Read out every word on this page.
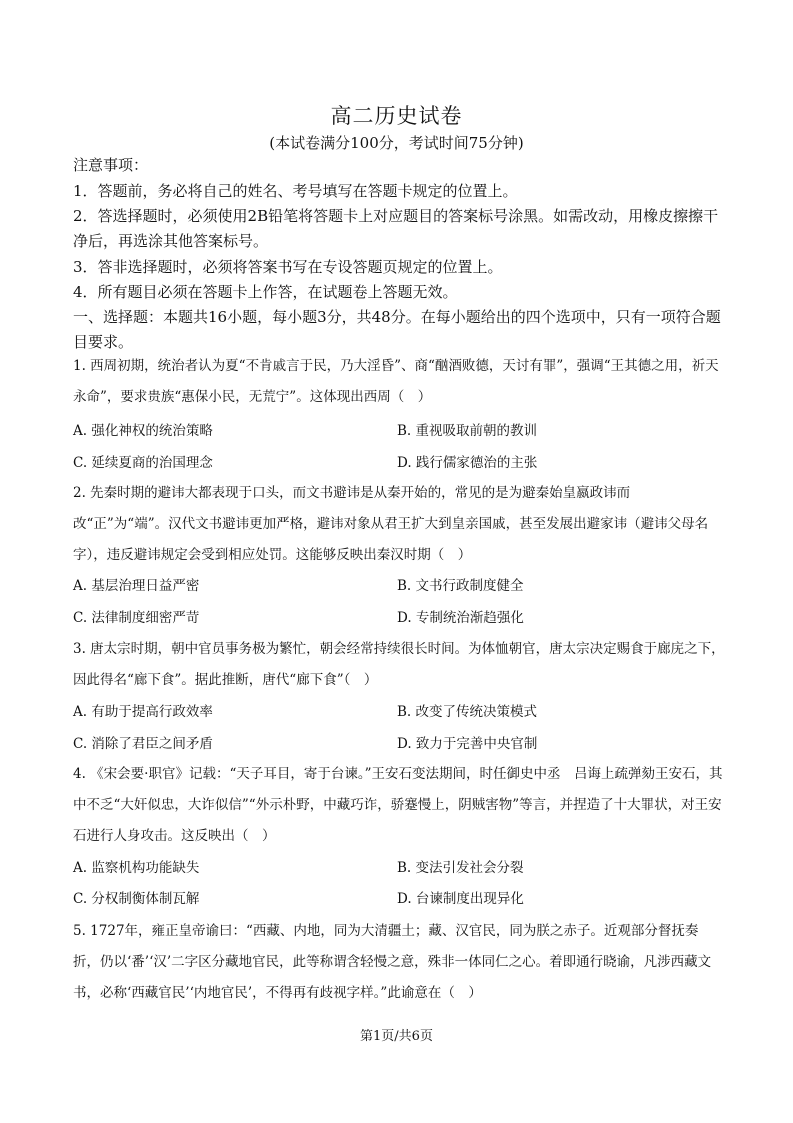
高二历史试卷
(本试卷满分100分，考试时间75分钟)
注意事项：
1．答题前，务必将自己的姓名、考号填写在答题卡规定的位置上。
2．答选择题时，必须使用2B铅笔将答题卡上对应题目的答案标号涂黑。如需改动，用橡皮擦擦干净后，再选涂其他答案标号。
3．答非选择题时，必须将答案书写在专设答题页规定的位置上。
4．所有题目必须在答题卡上作答，在试题卷上答题无效。
一、选择题：本题共16小题，每小题3分，共48分。在每小题给出的四个选项中，只有一项符合题目要求。
1. 西周初期，统治者认为夏“不肯戚言于民，乃大淫昏”、商“酗酒败德，天讨有罪”，强调“王其德之用，祈天永命”，要求贵族“惠保小民，无荒宁”。这体现出西周（　）
A. 强化神权的统治策略	B. 重视吸取前朝的教训
C. 延续夏商的治国理念	D. 践行儒家德治的主张
2. 先秦时期的避讳大都表现于口头，而文书避讳是从秦开始的，常见的是为避秦始皇嬴政讳而改“正”为“端”。汉代文书避讳更加严格，避讳对象从君王扩大到皇亲国戚，甚至发展出避家讳（避讳父母名字），违反避讳规定会受到相应处罚。这能够反映出秦汉时期（　）
A. 基层治理日益严密	B. 文书行政制度健全
C. 法律制度细密严苛	D. 专制统治渐趋强化
3. 唐太宗时期，朝中官员事务极为繁忙，朝会经常持续很长时间。为体恤朝官，唐太宗决定赐食于廊庑之下，因此得名“廊下食”。据此推断，唐代“廊下食”（　）
A. 有助于提高行政效率	B. 改变了传统决策模式
C. 消除了君臣之间矛盾	D. 致力于完善中央官制
4. 《宋会要·职官》记载：“天子耳目，寄于台谏。”王安石变法期间，时任御史中丞　吕诲上疏弹劾王安石，其中不乏“大奸似忠，大诈似信”“外示朴野，中藏巧诈，骄蹇慢上，阴贼害物”等言，并捏造了十大罪状，对王安石进行人身攻击。这反映出（　）
A. 监察机构功能缺失	B. 变法引发社会分裂
C. 分权制衡体制瓦解	D. 台谏制度出现异化
5. 1727年，雍正皇帝谕曰：“西藏、内地，同为大清疆土；藏、汉官民，同为朕之赤子。近观部分督抚奏折，仍以‘番’‘汉’二字区分藏地官民，此等称谓含轻慢之意，殊非一体同仁之心。着即通行晓谕，凡涉西藏文书，必称‘西藏官民’‘内地官民’，不得再有歧视字样。”此谕意在（　）
第1页/共6页
